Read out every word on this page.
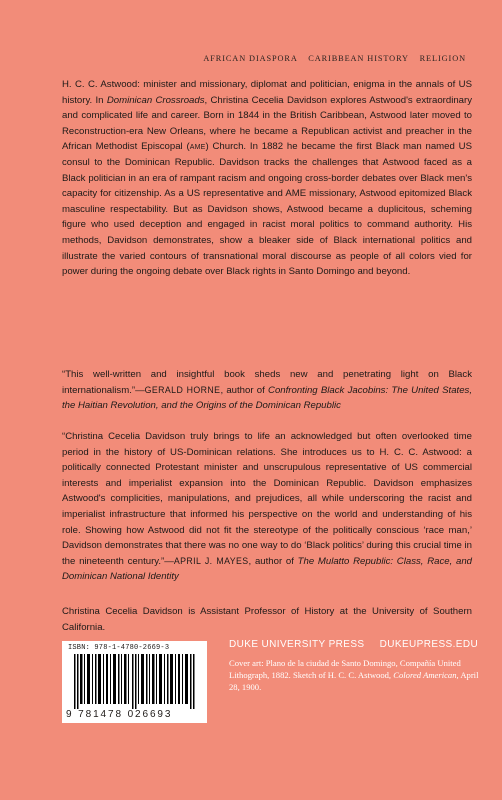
AFRICAN DIASPORA CARIBBEAN HISTORY RELIGION

H. C. C. Astwood: minister and missionary, diplomat and politician, enigma in the annals of US history. In Dominican Crossroads, Christina Cecelia Davidson explores Astwood's extraordinary and complicated life and career. Born in 1844 in the British Caribbean, Astwood later moved to Reconstruction-era New Orleans, where he became a Republican activist and preacher in the African Methodist Episcopal (ame) Church. In 1882 he became the first Black man named US consul to the Dominican Republic. Davidson tracks the challenges that Astwood faced as a Black politician in an era of rampant racism and ongoing cross-border debates over Black men's capacity for citizenship. As a US representative and AME missionary, Astwood epitomized Black masculine respectability. But as Davidson shows, Astwood became a duplicitous, scheming figure who used deception and engaged in racist moral politics to command authority. His methods, Davidson demonstrates, show a bleaker side of Black international politics and illustrate the varied contours of transnational moral discourse as people of all colors vied for power during the ongoing debate over Black rights in Santo Domingo and beyond.

“This well-written and insightful book sheds new and penetrating light on Black internationalism.”—GERALD HORNE, author of Confronting Black Jacobins: The United States, the Haitian Revolution, and the Origins of the Dominican Republic

“Christina Cecelia Davidson truly brings to life an acknowledged but often overlooked time period in the history of US-Dominican relations. She introduces us to H. C. C. Astwood: a politically connected Protestant minister and unscrupulous representative of US commercial interests and imperialist expansion into the Dominican Republic. Davidson emphasizes Astwood's complicities, manipulations, and prejudices, all while underscoring the racist and imperialist infrastructure that informed his perspective on the world and understanding of his role. Showing how Astwood did not fit the stereotype of the politically conscious ‘race man,’ Davidson demonstrates that there was no one way to do ‘Black politics’ during this crucial time in the nineteenth century.”—APRIL J. MAYES, author of The Mulatto Republic: Class, Race, and Dominican National Identity

Christina Cecelia Davidson is Assistant Professor of History at the University of Southern California.

ISBN: 978-1-4780-2669-3
9 781478 026693
DUKE UNIVERSITY PRESS DUKEUPRESS.EDU

Cover art: Plano de la ciudad de Santo Domingo, Compañía United Lithograph, 1882. Sketch of H. C. C. Astwood, Colored American, April 28, 1900.
